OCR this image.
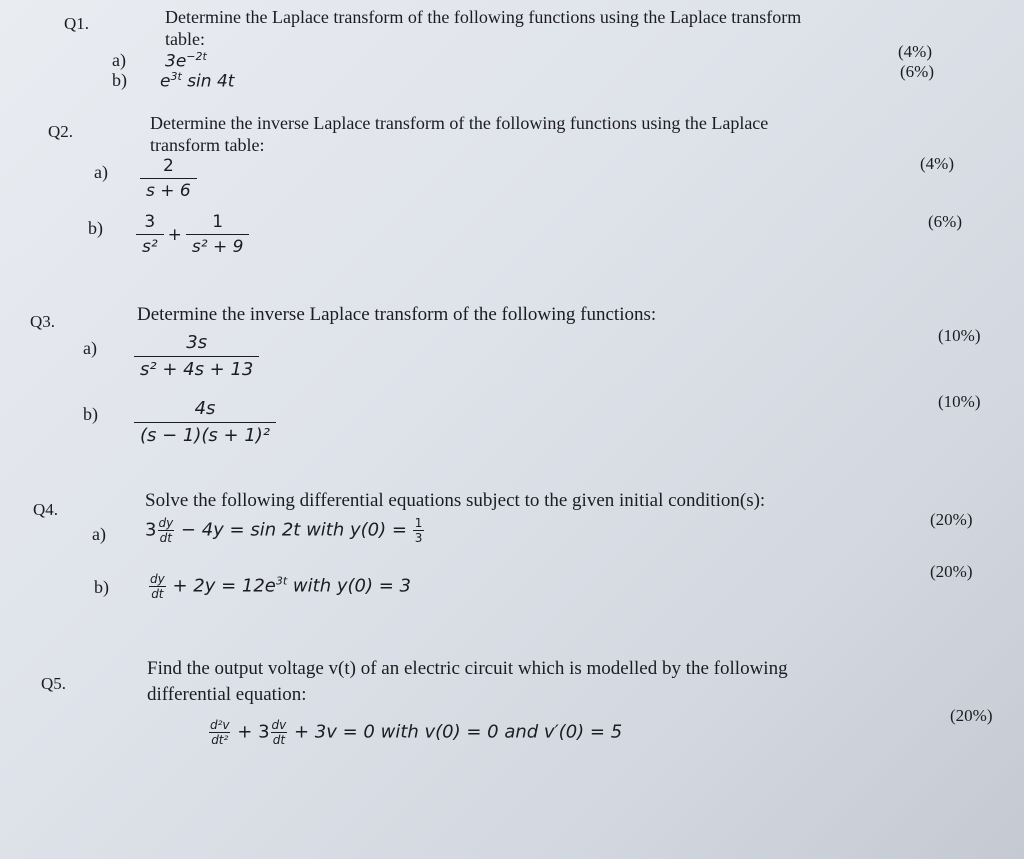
Q1.	Determine the Laplace transform of the following functions using the Laplace transform table:
a) $3e^{-2t}$	(4%)
b) $e^{3t}$ sin 4t
(6%)
Q2.	Determine the inverse Laplace transform of the following functions using the Laplace transform table:
$a) \frac{2}{s + 6}$	(4%)
$b) \frac{3}{\text{s²}} + \frac{1}{\text{s² + 9}}$	(6%)
Q3.	Determine the inverse Laplace transform of the following functions:
$a) \frac{3s}{\text{s² + 4s + 13}}$	(10%)
$b) \frac{4s}{\text{(s − 1)(s + 1)²}}$	(10%)
Q4.	Solve the following differential equations subject to the given initial condition(s):
a) $3 \frac{dy}{dt} - 4y = \sin 2t$ with $y(0) = \frac{1}{3}$	(20%)
b)	$\frac{dy}{dt} + 2y = 12e^{3t}$ with y(0) = 3
(20%)
Q5.
Find the output voltage v(t) of an electric circuit which is modelled by the following differential equation:
$\frac{\text{d²v}}{\text{dt²}} + 3 \frac{dv}{dt} + 3v = 0$ with v(0) = 0 and v′(0) = 5
(20%)
